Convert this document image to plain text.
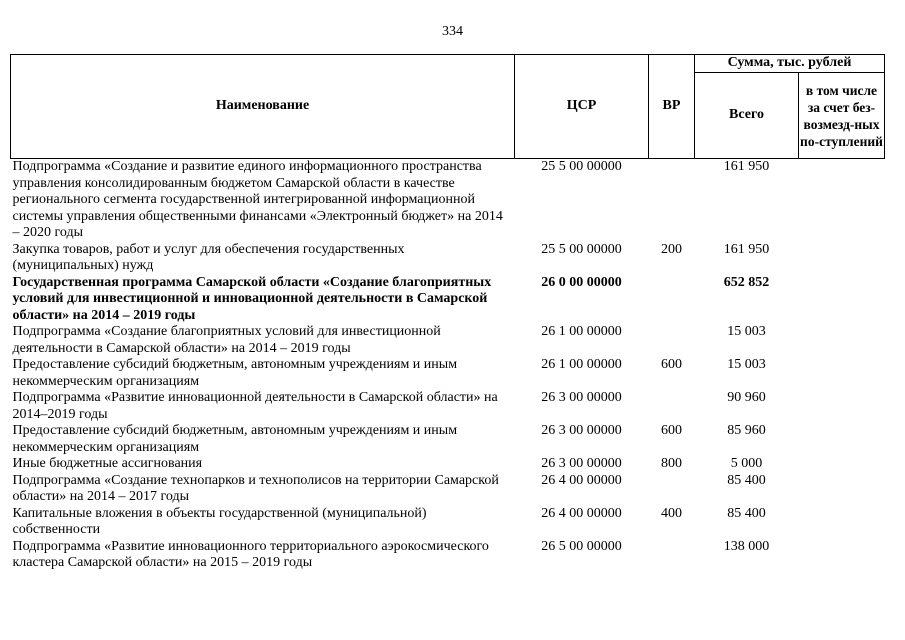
334
Наименование	ЦСР	ВР	Сумма, тыс. рублей	
			Всего	в том числе за счет без-возмезд-ных по-ступлений
Подпрограмма «Создание и развитие единого информационного пространства управления консолидированным бюджетом Самарской области в качестве регионального сегмента государственной интегрированной информационной системы управления общественными финансами «Электронный бюджет» на 2014 – 2020 годы	25 5 00 00000		161 950	
Закупка товаров, работ и услуг для обеспечения государственных (муниципальных) нужд	25 5 00 00000	200	161 950	
Государственная программа Самарской области «Создание благоприятных условий для инвестиционной и инновационной деятельности в Самарской области» на 2014 – 2019 годы	26 0 00 00000		652 852	
Подпрограмма «Создание благоприятных условий для инвестиционной деятельности в Самарской области» на 2014 – 2019 годы	26 1 00 00000		15 003	
Предоставление субсидий бюджетным, автономным учреждениям и иным некоммерческим организациям	26 1 00 00000	600	15 003	
Подпрограмма «Развитие инновационной деятельности в Самарской области» на 2014–2019 годы	26 3 00 00000		90 960	
Предоставление субсидий бюджетным, автономным учреждениям и иным некоммерческим организациям	26 3 00 00000	600	85 960	
Иные бюджетные ассигнования	26 3 00 00000	800	5 000	
Подпрограмма «Создание технопарков и технополисов на территории Самарской области» на 2014 – 2017 годы	26 4 00 00000		85 400	
Капитальные вложения в объекты государственной (муниципальной) собственности	26 4 00 00000	400	85 400	
Подпрограмма «Развитие инновационного территориального аэрокосмического кластера Самарской области» на 2015 – 2019 годы	26 5 00 00000		138 000	
